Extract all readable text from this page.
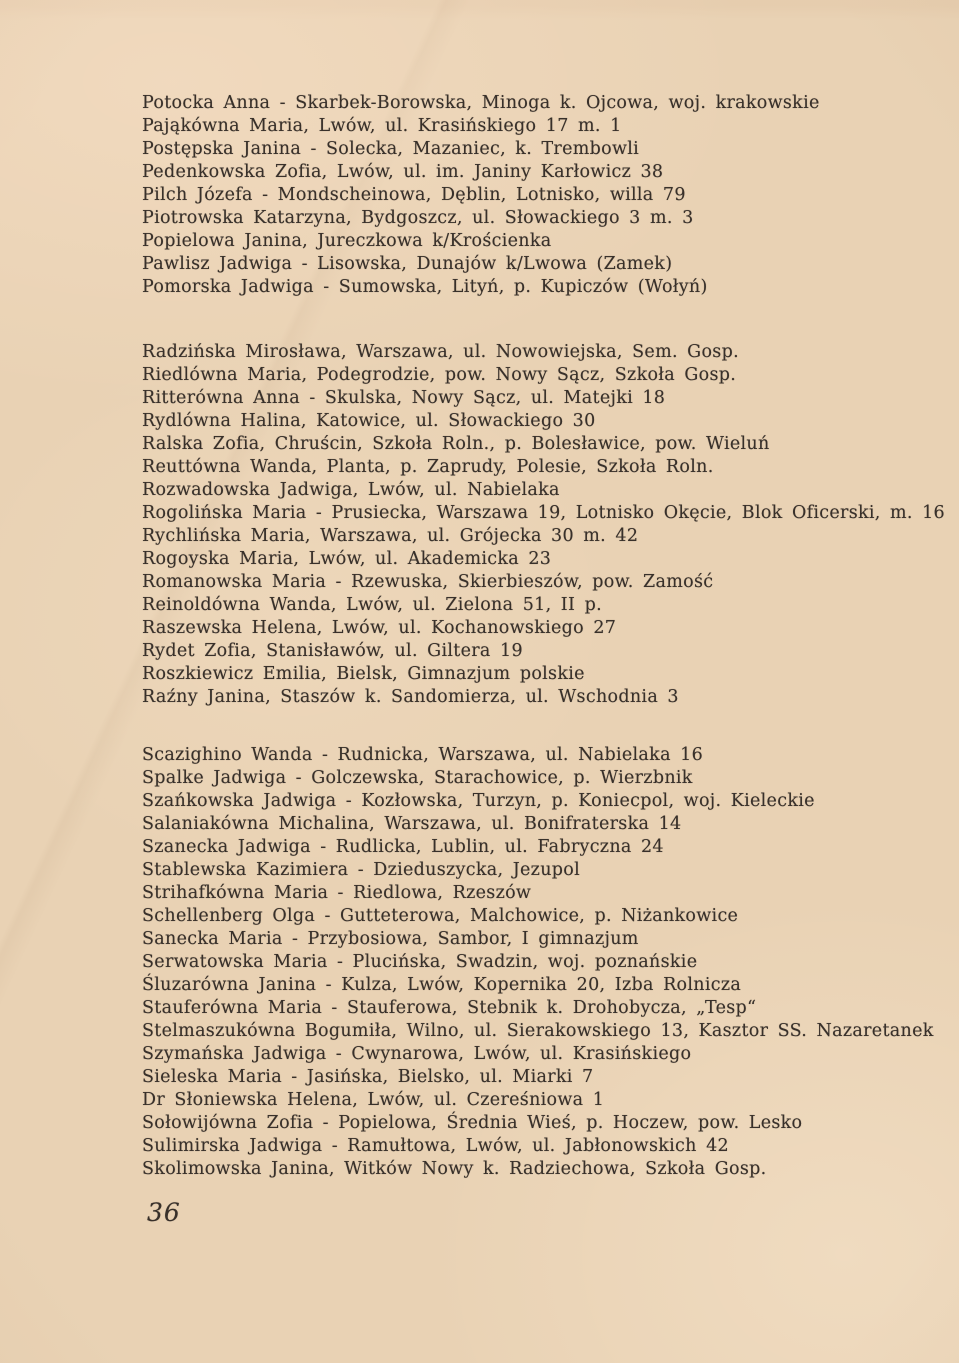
Potocka Anna - Skarbek-Borowska, Minoga k. Ojcowa, woj. krakowskie
Pająkówna Maria, Lwów, ul. Krasińskiego 17 m. 1
Postępska Janina - Solecka, Mazaniec, k. Trembowli
Pedenkowska Zofia, Lwów, ul. im. Janiny Karłowicz 38
Pilch Józefa - Mondscheinowa, Dęblin, Lotnisko, willa 79
Piotrowska Katarzyna, Bydgoszcz, ul. Słowackiego 3 m. 3
Popielowa Janina, Jureczkowa k/Krościenka
Pawlisz Jadwiga - Lisowska, Dunajów k/Lwowa (Zamek)
Pomorska Jadwiga - Sumowska, Lityń, p. Kupiczów (Wołyń)
Radzińska Mirosława, Warszawa, ul. Nowowiejska, Sem. Gosp.
Riedlówna Maria, Podegrodzie, pow. Nowy Sącz, Szkoła Gosp.
Ritterówna Anna - Skulska, Nowy Sącz, ul. Matejki 18
Rydlówna Halina, Katowice, ul. Słowackiego 30
Ralska Zofia, Chruścin, Szkoła Roln., p. Bolesławice, pow. Wieluń
Reuttówna Wanda, Planta, p. Zaprudy, Polesie, Szkoła Roln.
Rozwadowska Jadwiga, Lwów, ul. Nabielaka
Rogolińska Maria - Prusiecka, Warszawa 19, Lotnisko Okęcie, Blok Oficerski, m. 16
Rychlińska Maria, Warszawa, ul. Grójecka 30 m. 42
Rogoyska Maria, Lwów, ul. Akademicka 23
Romanowska Maria - Rzewuska, Skierbieszów, pow. Zamość
Reinoldówna Wanda, Lwów, ul. Zielona 51, II p.
Raszewska Helena, Lwów, ul. Kochanowskiego 27
Rydet Zofia, Stanisławów, ul. Giltera 19
Roszkiewicz Emilia, Bielsk, Gimnazjum polskie
Raźny Janina, Staszów k. Sandomierza, ul. Wschodnia 3
Scazighino Wanda - Rudnicka, Warszawa, ul. Nabielaka 16
Spalke Jadwiga - Golczewska, Starachowice, p. Wierzbnik
Szańkowska Jadwiga - Kozłowska, Turzyn, p. Koniecpol, woj. Kieleckie
Salaniakówna Michalina, Warszawa, ul. Bonifraterska 14
Szanecka Jadwiga - Rudlicka, Lublin, ul. Fabryczna 24
Stablewska Kazimiera - Dzieduszycka, Jezupol
Strihafkówna Maria - Riedlowa, Rzeszów
Schellenberg Olga - Gutteterowa, Malchowice, p. Niżankowice
Sanecka Maria - Przybosiowa, Sambor, I gimnazjum
Serwatowska Maria - Plucińska, Swadzin, woj. poznańskie
Śluzarówna Janina - Kulza, Lwów, Kopernika 20, Izba Rolnicza
Stauferówna Maria - Stauferowa, Stebnik k. Drohobycza, „Tesp“
Stelmaszukówna Bogumiła, Wilno, ul. Sierakowskiego 13, Kasztor SS. Nazaretanek
Szymańska Jadwiga - Cwynarowa, Lwów, ul. Krasińskiego
Sieleska Maria - Jasińska, Bielsko, ul. Miarki 7
Dr Słoniewska Helena, Lwów, ul. Czereśniowa 1
Sołowijówna Zofia - Popielowa, Średnia Wieś, p. Hoczew, pow. Lesko
Sulimirska Jadwiga - Ramułtowa, Lwów, ul. Jabłonowskich 42
Skolimowska Janina, Witków Nowy k. Radziechowa, Szkoła Gosp.
36
